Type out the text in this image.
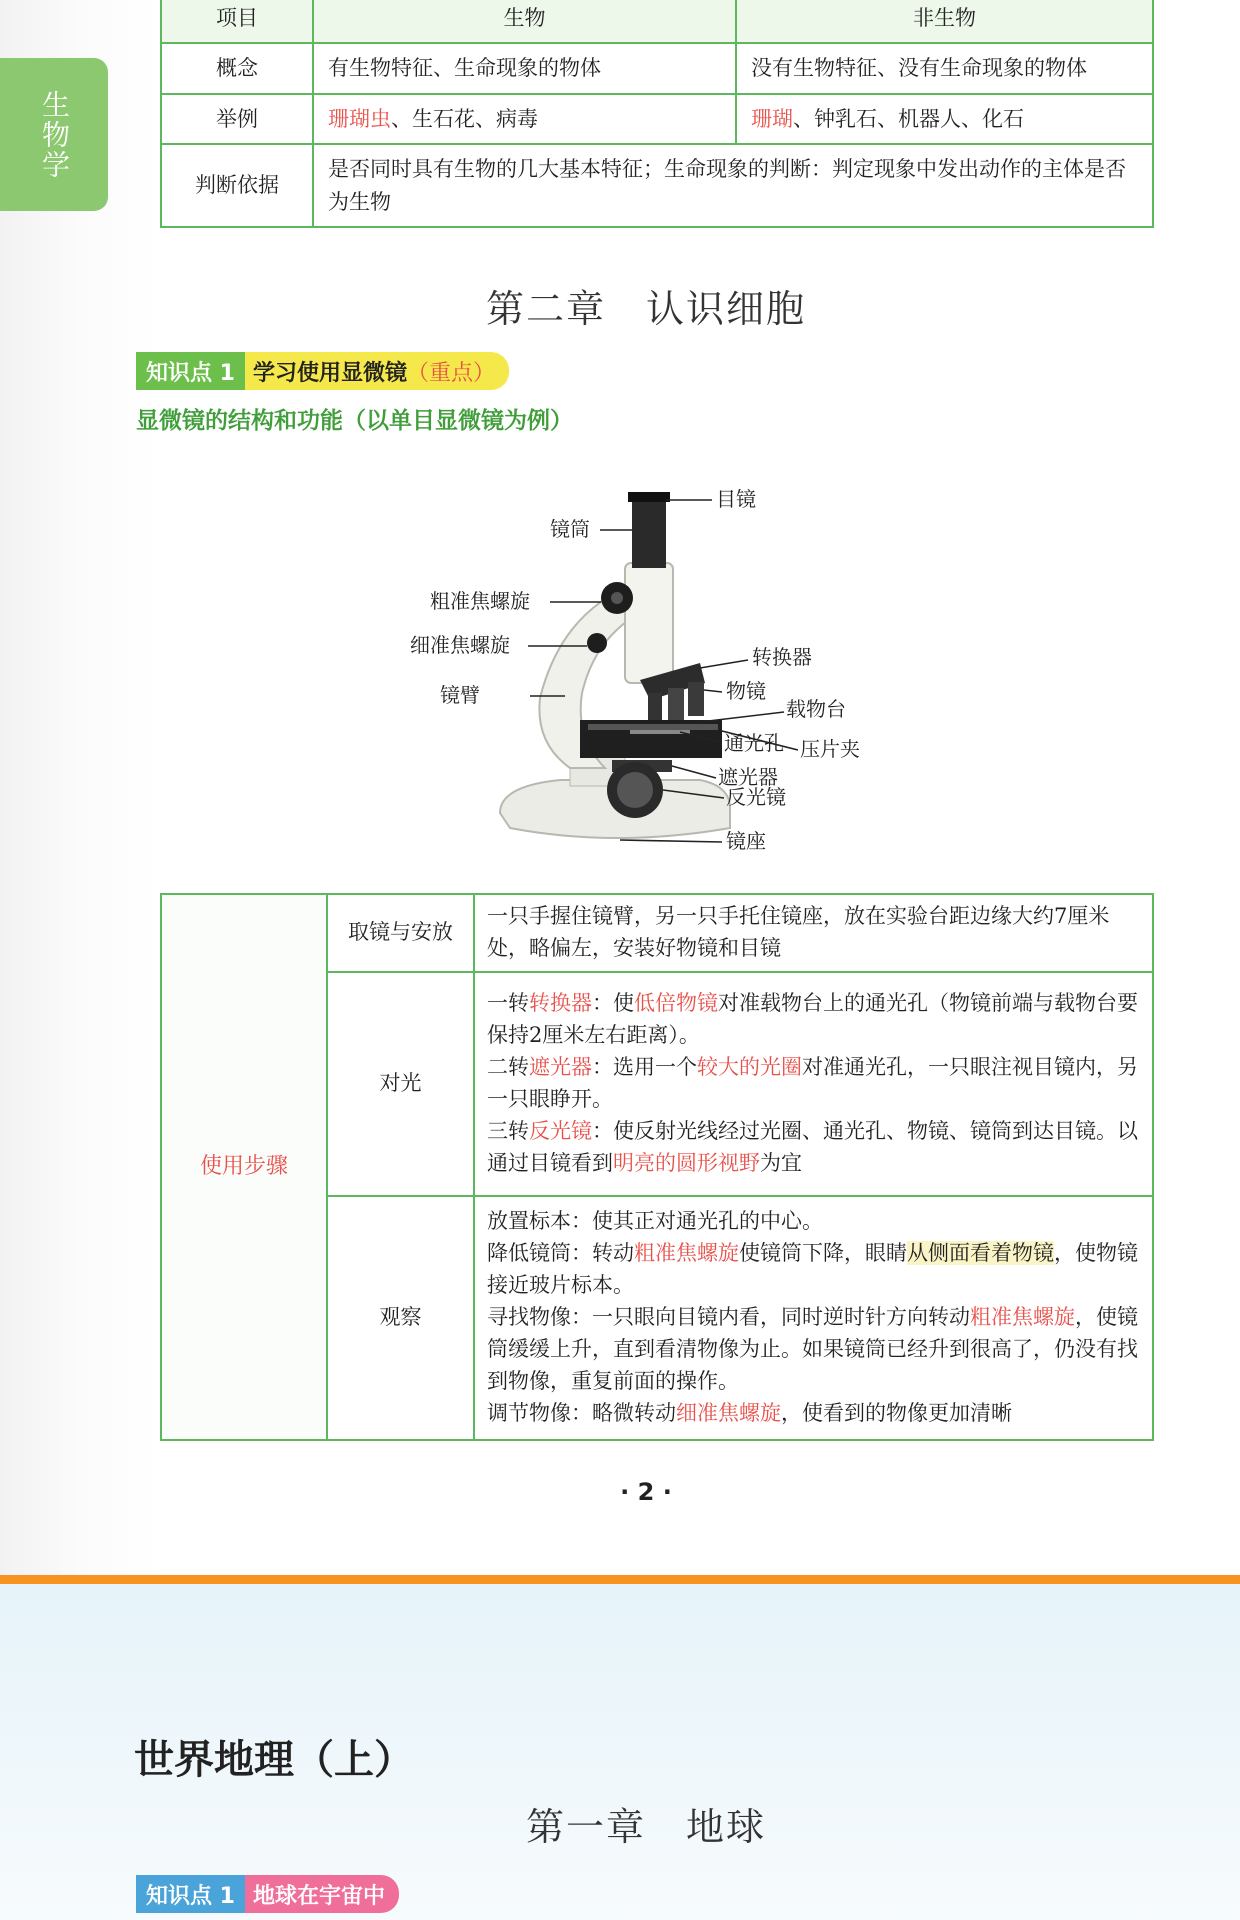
生物学
项目	生物	非生物
概念	有生物特征、生命现象的物体	没有生物特征、没有生命现象的物体
举例	珊瑚虫、生石花、病毒	珊瑚、钟乳石、机器人、化石
判断依据	是否同时具有生物的几大基本特征；生命现象的判断：判定现象中发出动作的主体是否为生物	
第二章　认识细胞
知识点 1 学习使用显微镜 （重点）
显微镜的结构和功能（以单目显微镜为例）
目镜
镜筒
粗准焦螺旋
细准焦螺旋	转换器
物镜
镜臂
载物台
通光孔 压片夹
遮光器
反光镜
镜座
使用步骤	取镜与安放	一只手握住镜臂，另一只手托住镜座，放在实验台距边缘大约7厘米处，略偏左，安装好物镜和目镜
	对光	一转转换器：使低倍物镜对准载物台上的通光孔（物镜前端与载物台要保持2厘米左右距离）。

二转遮光器：选用一个较大的光圈对准通光孔，一只眼注视目镜内，另一只眼睁开。

三转反光镜：使反射光线经过光圈、通光孔、物镜、镜筒到达目镜。以通过目镜看到明亮的圆形视野为宜

	观察	放置标本：使其正对通光孔的中心。

降低镜筒：转动粗准焦螺旋使镜筒下降，眼睛从侧面看着物镜，使物镜接近玻片标本。

寻找物像：一只眼向目镜内看，同时逆时针方向转动粗准焦螺旋，使镜筒缓缓上升，直到看清物像为止。如果镜筒已经升到很高了，仍没有找到物像，重复前面的操作。

调节物像：略微转动细准焦螺旋，使看到的物像更加清晰

· 2 ·
世界地理（上）
第一章　地球
知识点 1 地球在宇宙中
